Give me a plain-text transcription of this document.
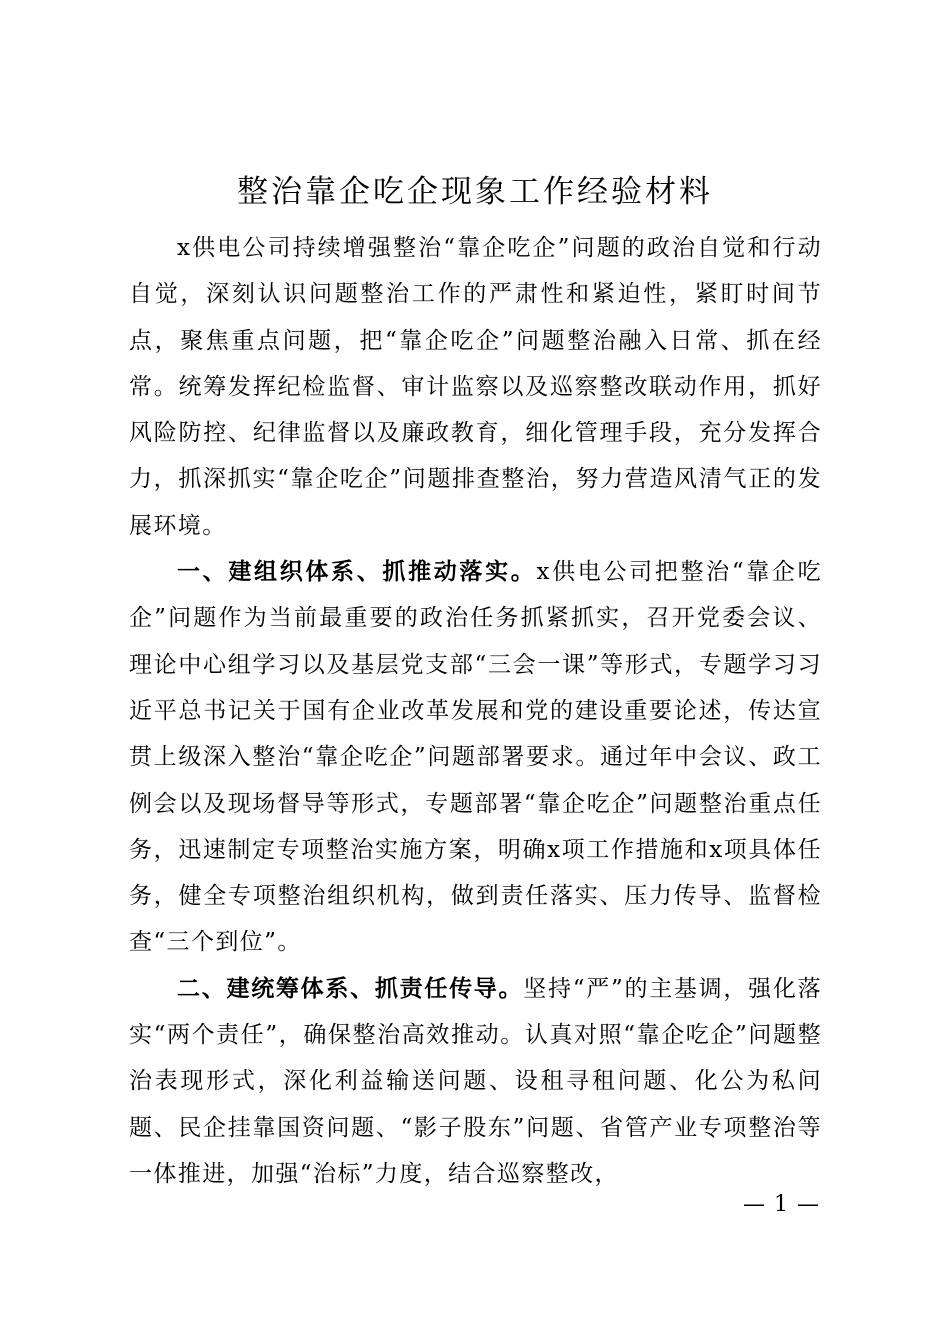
整治靠企吃企现象工作经验材料

x供电公司持续增强整治“靠企吃企”问题的政治自觉和行动自觉，深刻认识问题整治工作的严肃性和紧迫性，紧盯时间节点，聚焦重点问题，把“靠企吃企”问题整治融入日常、抓在经常。统筹发挥纪检监督、审计监察以及巡察整改联动作用，抓好风险防控、纪律监督以及廉政教育，细化管理手段，充分发挥合力，抓深抓实“靠企吃企”问题排查整治，努力营造风清气正的发展环境。

一、建组织体系、抓推动落实。x供电公司把整治“靠企吃企”问题作为当前最重要的政治任务抓紧抓实，召开党委会议、理论中心组学习以及基层党支部“三会一课”等形式，专题学习习近平总书记关于国有企业改革发展和党的建设重要论述，传达宣贯上级深入整治“靠企吃企”问题部署要求。通过年中会议、政工例会以及现场督导等形式，专题部署“靠企吃企”问题整治重点任务，迅速制定专项整治实施方案，明确x项工作措施和x项具体任务，健全专项整治组织机构，做到责任落实、压力传导、监督检查“三个到位”。

二、建统筹体系、抓责任传导。坚持“严”的主基调，强化落实“两个责任”，确保整治高效推动。认真对照“靠企吃企”问题整治表现形式，深化利益输送问题、设租寻租问题、化公为私问题、民企挂靠国资问题、“影子股东”问题、省管产业专项整治等一体推进，加强“治标”力度，结合巡察整改，

— 1 —
